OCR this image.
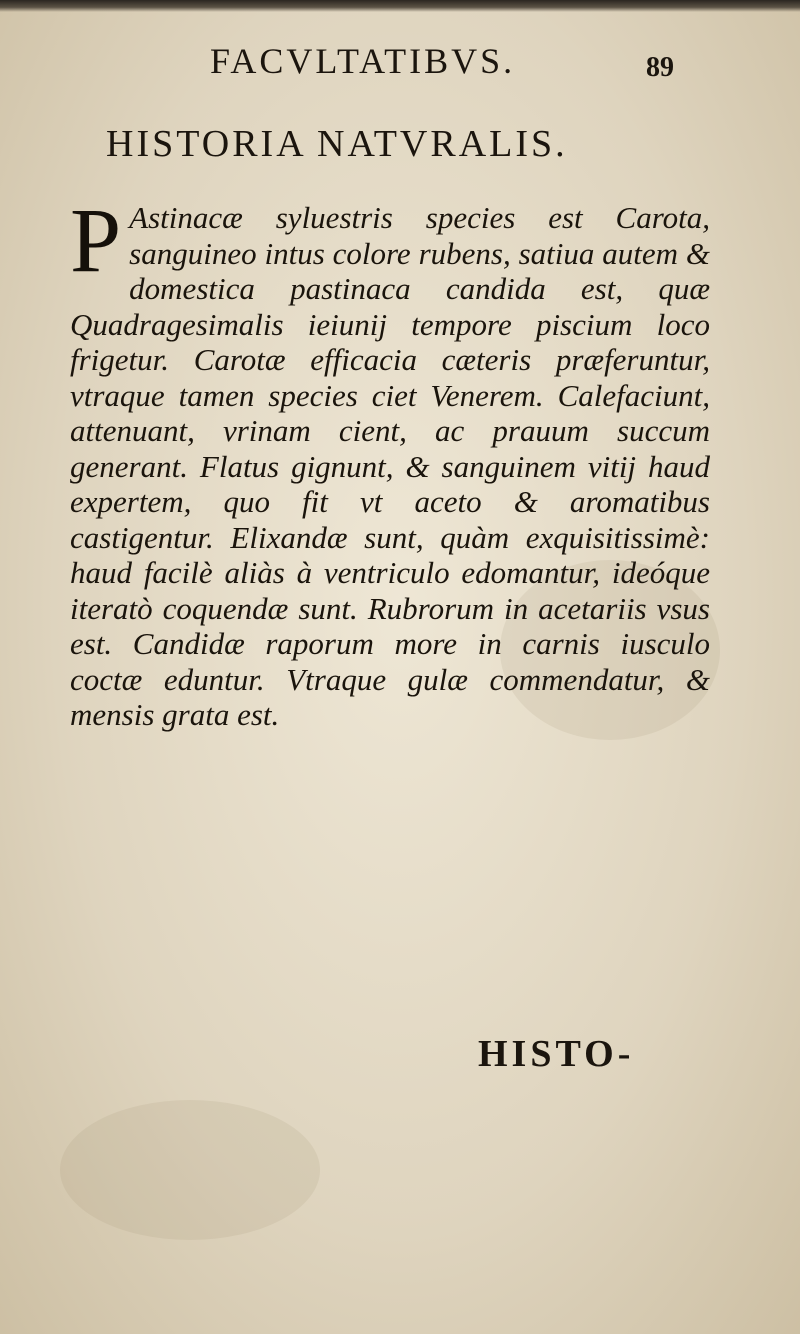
FACVLTATIBVS.	89
HISTORIA NATVRALIS.
P Astinacæ syluestris species est Carota, sanguineo intus colore rubens, satiua autem & domestica pastinaca candida est, quæ Quadragesimalis ieiunij tempore piscium loco frigetur. Carotæ efficacia cæteris præferuntur, vtraque tamen species ciet Venerem. Calefaciunt, attenuant, vrinam cient, ac prauum succum generant. Flatus gignunt, & sanguinem vitij haud expertem, quo fit vt aceto & aromatibus castigentur. Elixandæ sunt, quàm exquisitissimè: haud facilè aliàs à ventriculo edomantur, ideóque iteratò coquendæ sunt. Rubrorum in acetariis vsus est. Candidæ raporum more in carnis iusculo coctæ eduntur. Vtraque gulæ commendatur, & mensis grata est.
HISTO-
